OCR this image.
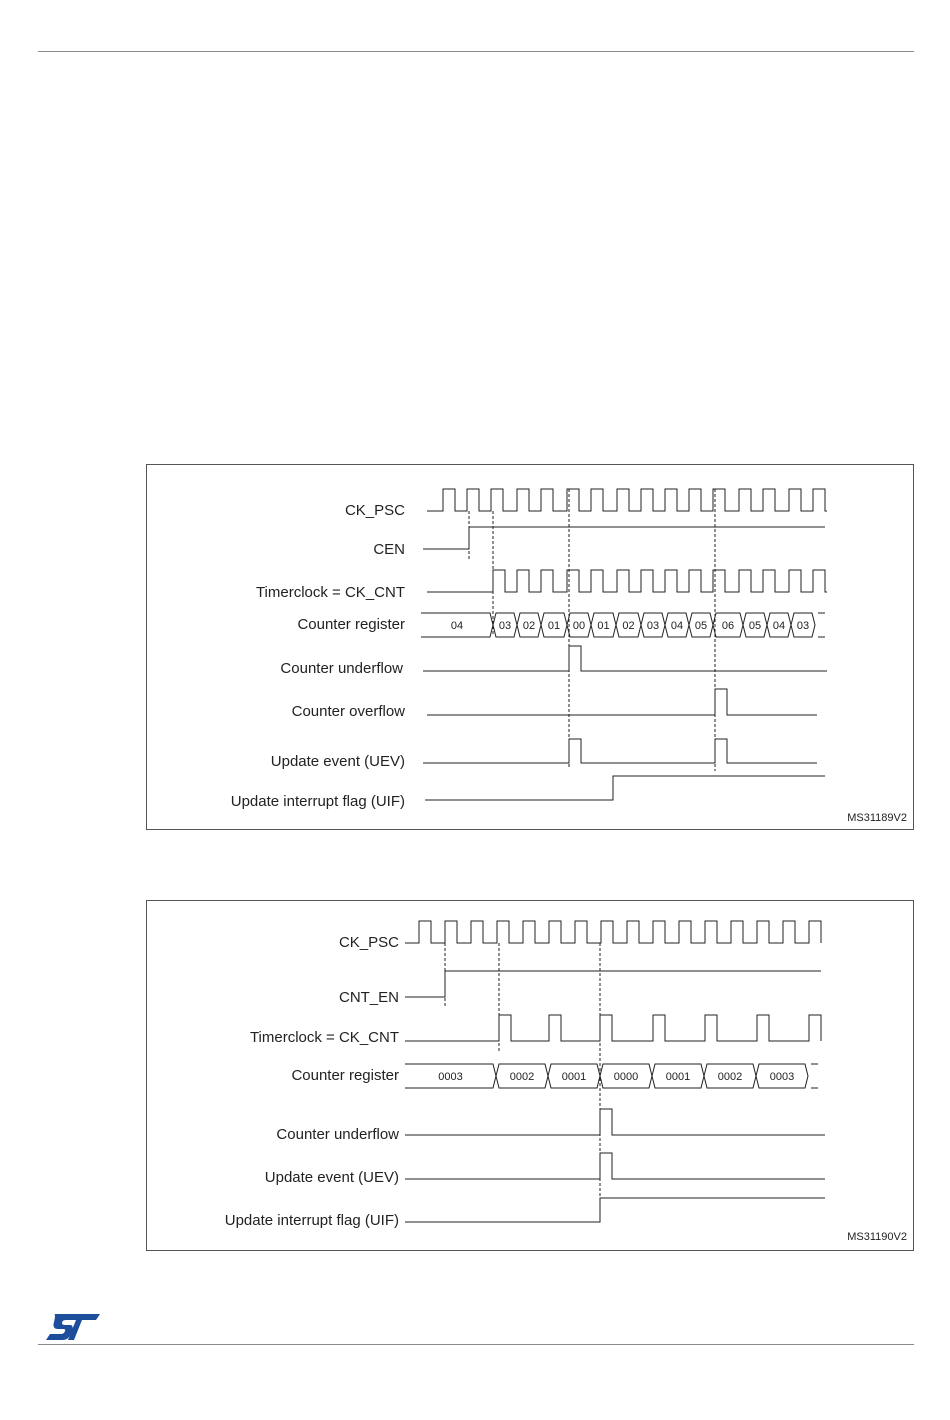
04	03 02 01 00 01 02 03 04 05 06 05 04 03
CK_PSC
CEN
Timerclock = CK_CNT
Counter register
Counter underflow
Counter overflow
Update event (UEV)
Update interrupt flag (UIF)
MS31189V2
0003	0002	0001	0000	0001	0002	0003
CK_PSC
CNT_EN
Timerclock = CK_CNT
Counter register
Counter underflow
Update event (UEV)
Update interrupt flag (UIF)
MS31190V2
